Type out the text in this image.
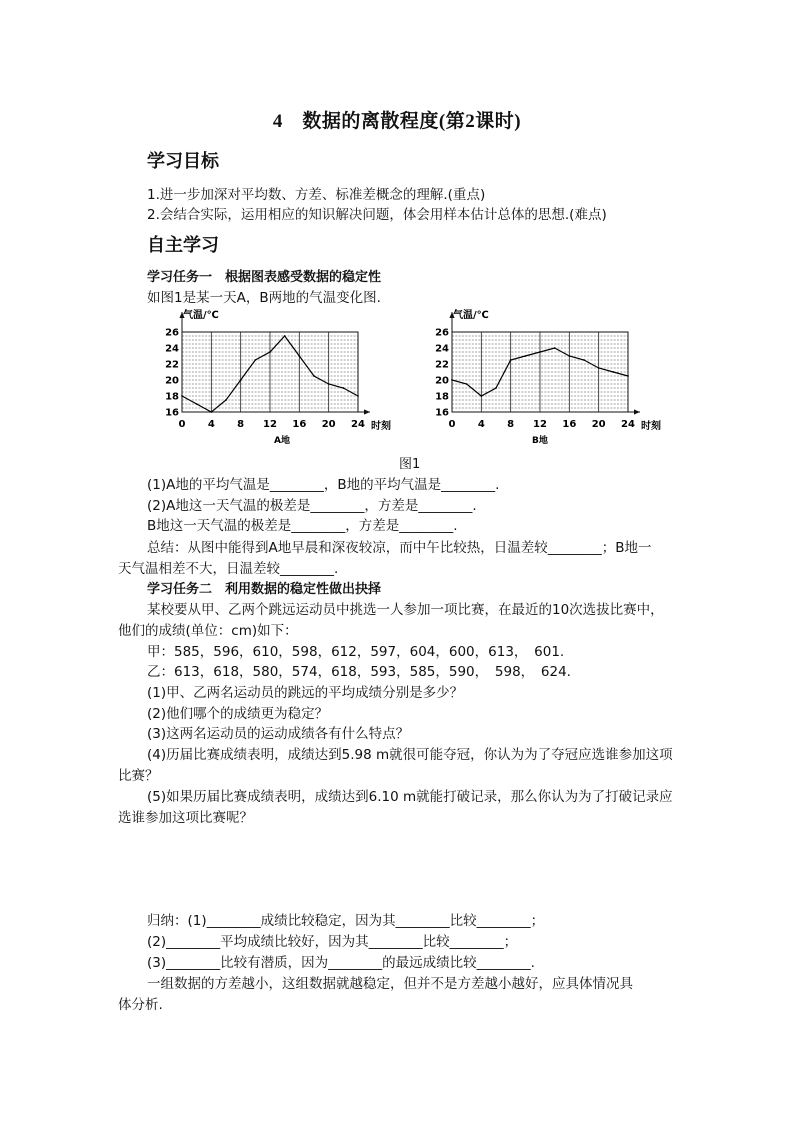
4　数据的离散程度(第2课时)
学习目标
1.进一步加深对平均数、方差、标准差概念的理解.(重点)
2.会结合实际，运用相应的知识解决问题，体会用样本估计总体的思想.(难点)
自主学习
学习任务一　根据图表感受数据的稳定性
如图1是某一天A，B两地的气温变化图.
16
18
20
22
24
26
0 4 8 12 16 20 24
气温/℃
时刻
A地
16
18
20
22
24
26
0 4 8 12 16 20 24
气温/℃
时刻
B地
图1
(1)A地的平均气温是________，B地的平均气温是________.
(2)A地这一天气温的极差是________，方差是________.
B地这一天气温的极差是________，方差是________.
总结：从图中能得到A地早晨和深夜较凉，而中午比较热，日温差较________；B地一
天气温相差不大，日温差较________.
学习任务二　利用数据的稳定性做出抉择
某校要从甲、乙两个跳远运动员中挑选一人参加一项比赛，在最近的10次选拔比赛中，
他们的成绩(单位：cm)如下：
甲：585，596，610，598，612，597，604，600，613，　601.
乙：613，618，580，574，618，593，585，590，　598，　624.
(1)甲、乙两名运动员的跳远的平均成绩分别是多少？
(2)他们哪个的成绩更为稳定？
(3)这两名运动员的运动成绩各有什么特点？
(4)历届比赛成绩表明，成绩达到5.98 m就很可能夺冠，你认为为了夺冠应选谁参加这项
比赛？
(5)如果历届比赛成绩表明，成绩达到6.10 m就能打破记录，那么你认为为了打破记录应
选谁参加这项比赛呢？
归纳：(1)________成绩比较稳定，因为其________比较________；
(2)________平均成绩比较好，因为其________比较________；
(3)________比较有潜质，因为________的最远成绩比较________.
一组数据的方差越小，这组数据就越稳定，但并不是方差越小越好，应具体情况具
体分析.
